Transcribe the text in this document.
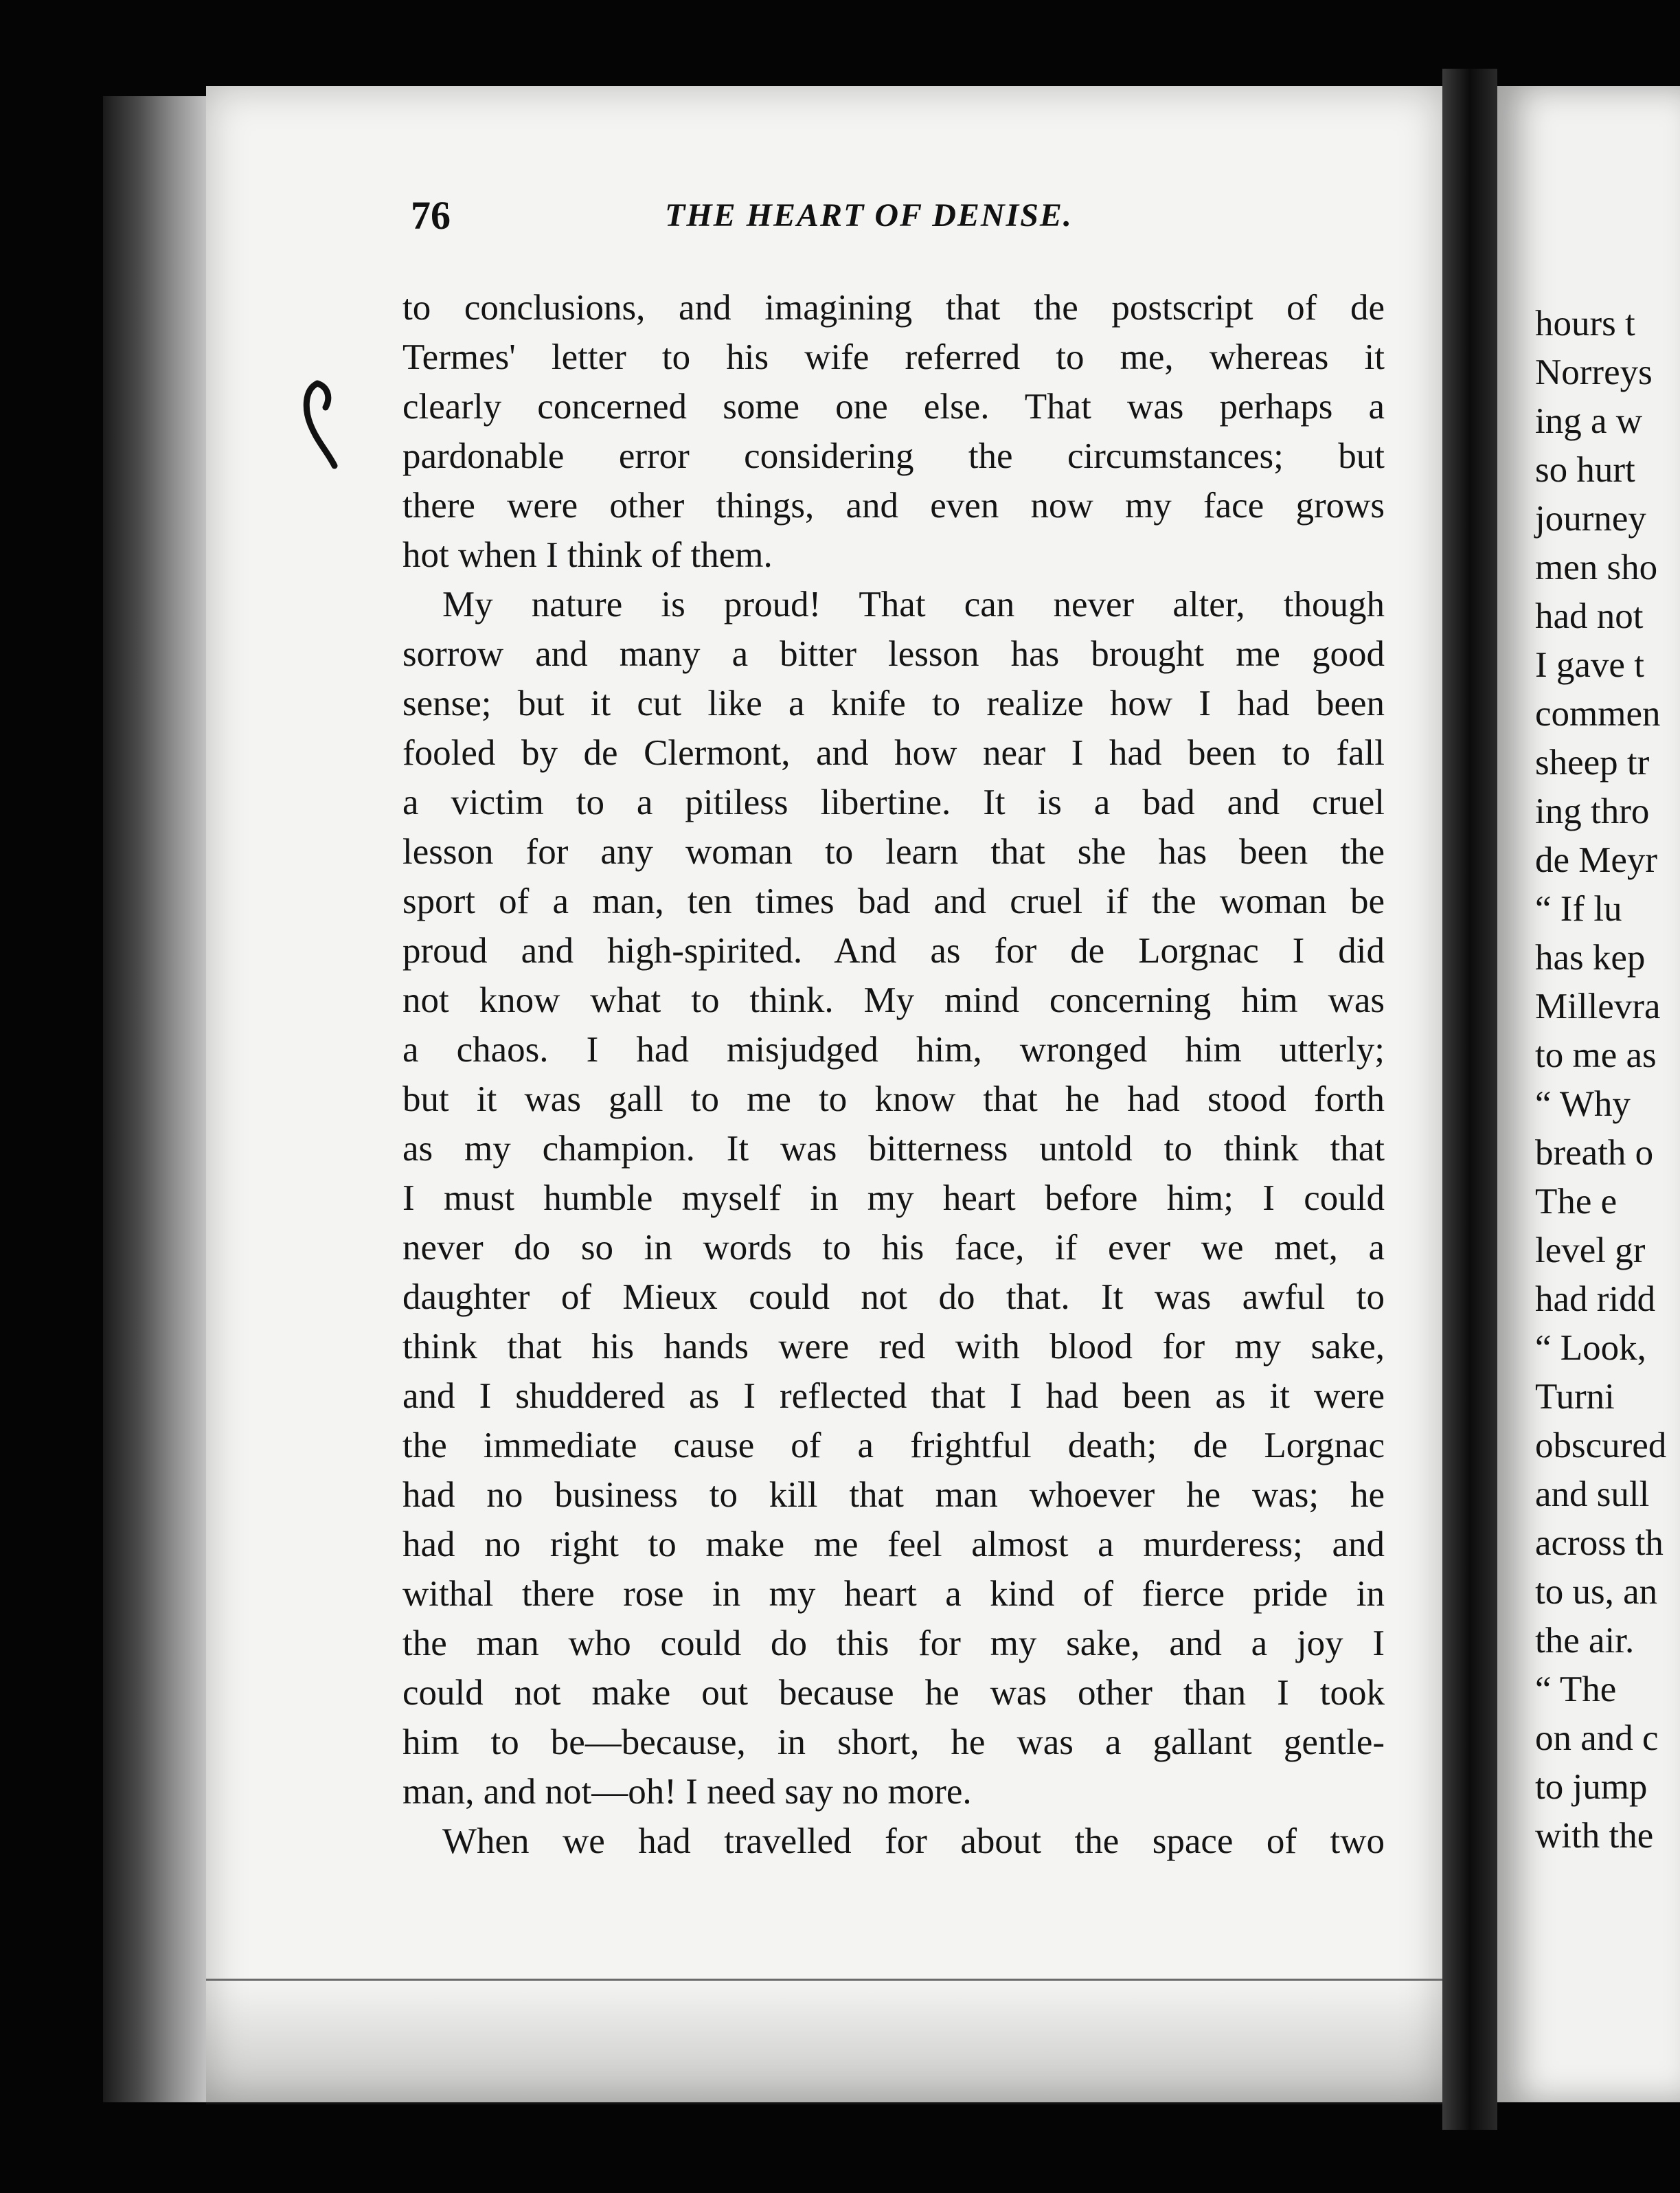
76	THE HEART OF DENISE.
to conclusions, and imagining that the postscript of de
Termes' letter to his wife referred to me, whereas it
clearly concerned some one else. That was perhaps a
pardonable error considering the circumstances; but
there were other things, and even now my face grows
hot when I think of them.
My nature is proud! That can never alter, though
sorrow and many a bitter lesson has brought me good
sense; but it cut like a knife to realize how I had been
fooled by de Clermont, and how near I had been to fall
a victim to a pitiless libertine. It is a bad and cruel
lesson for any woman to learn that she has been the
sport of a man, ten times bad and cruel if the woman be
proud and high-spirited. And as for de Lorgnac I did
not know what to think. My mind concerning him was
a chaos. I had misjudged him, wronged him utterly;
but it was gall to me to know that he had stood forth
as my champion. It was bitterness untold to think that
I must humble myself in my heart before him; I could
never do so in words to his face, if ever we met, a
daughter of Mieux could not do that. It was awful to
think that his hands were red with blood for my sake,
and I shuddered as I reflected that I had been as it were
the immediate cause of a frightful death; de Lorgnac
had no business to kill that man whoever he was; he
had no right to make me feel almost a murderess; and
withal there rose in my heart a kind of fierce pride in
the man who could do this for my sake, and a joy I
could not make out because he was other than I took
him to be—because, in short, he was a gallant gentle-
man, and not—oh! I need say no more.
When we had travelled for about the space of two
hours t
Norreys
ing a w
so hurt
journey
men sho
had not
I gave t
commen
sheep tr
ing thro
de Meyr
“ If lu
has kep
Millevra
to me as
“ Why
breath o
The e
level gr
had ridd
“ Look,
Turni
obscured
and sull
across th
to us, an
the air.
“ The
on and c
to jump
with the
